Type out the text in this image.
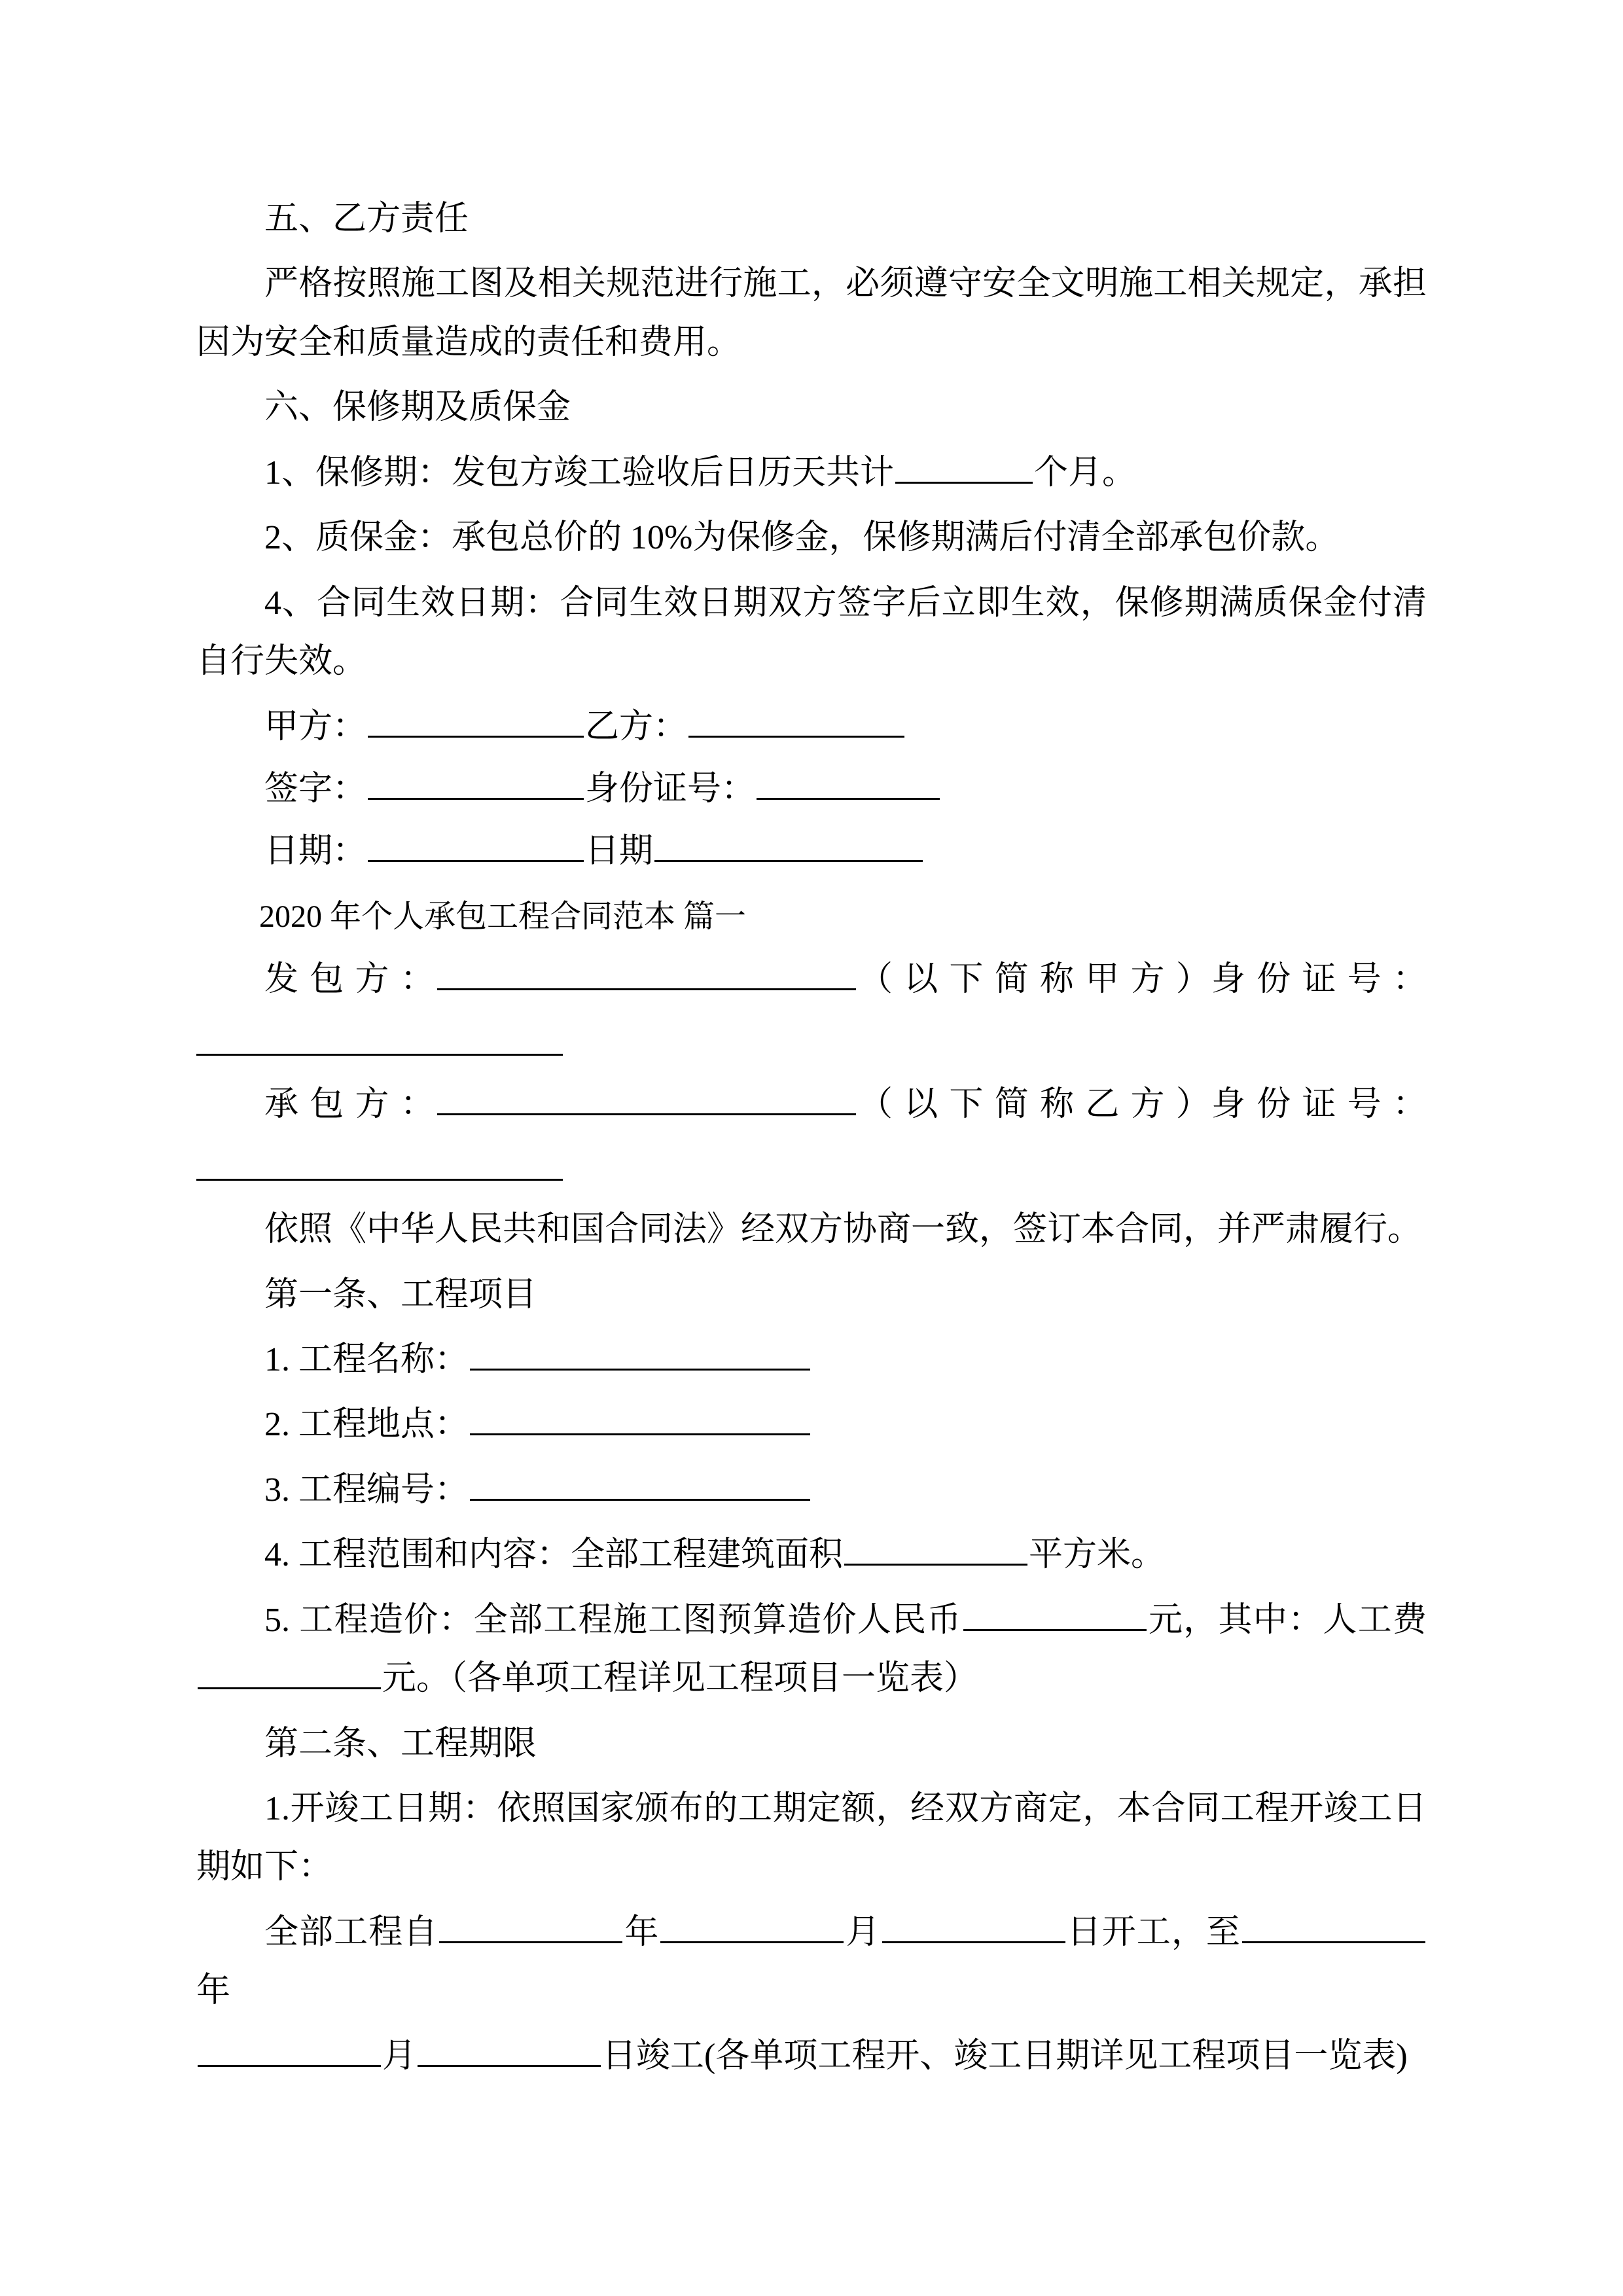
五、乙方责任

严格按照施工图及相关规范进行施工，必须遵守安全文明施工相关规定，承担因为安全和质量造成的责任和费用。

六、保修期及质保金

1、保修期：发包方竣工验收后日历天共计	个月。

2、质保金：承包总价的 10%为保修金，保修期满后付清全部承包价款。

4、合同生效日期：合同生效日期双方签字后立即生效，保修期满质保金付清自行失效。

甲方：	乙方：

签字：	身份证号：

日期：	日期

2020 年个人承包工程合同范本 篇一

发 包 方 ：	（ 以 下 简 称 甲 方 ）身 份 证 号 ：

承 包 方 ：	（ 以 下 简 称 乙 方 ）身 份 证 号 ：

依照《中华人民共和国合同法》经双方协商一致，签订本合同，并严肃履行。

第一条、工程项目

1. 工程名称：

2. 工程地点：

3. 工程编号：

4. 工程范围和内容：全部工程建筑面积	平方米。

5. 工程造价：全部工程施工图预算造价人民币	元，其中：人工费元。（各单项工程详见工程项目一览表）

第二条、工程期限

1.开竣工日期：依照国家颁布的工期定额，经双方商定，本合同工程开竣工日期如下：

全部工程自	年	月	日开工，至年

月	日竣工(各单项工程开、竣工日期详见工程项目一览表)
